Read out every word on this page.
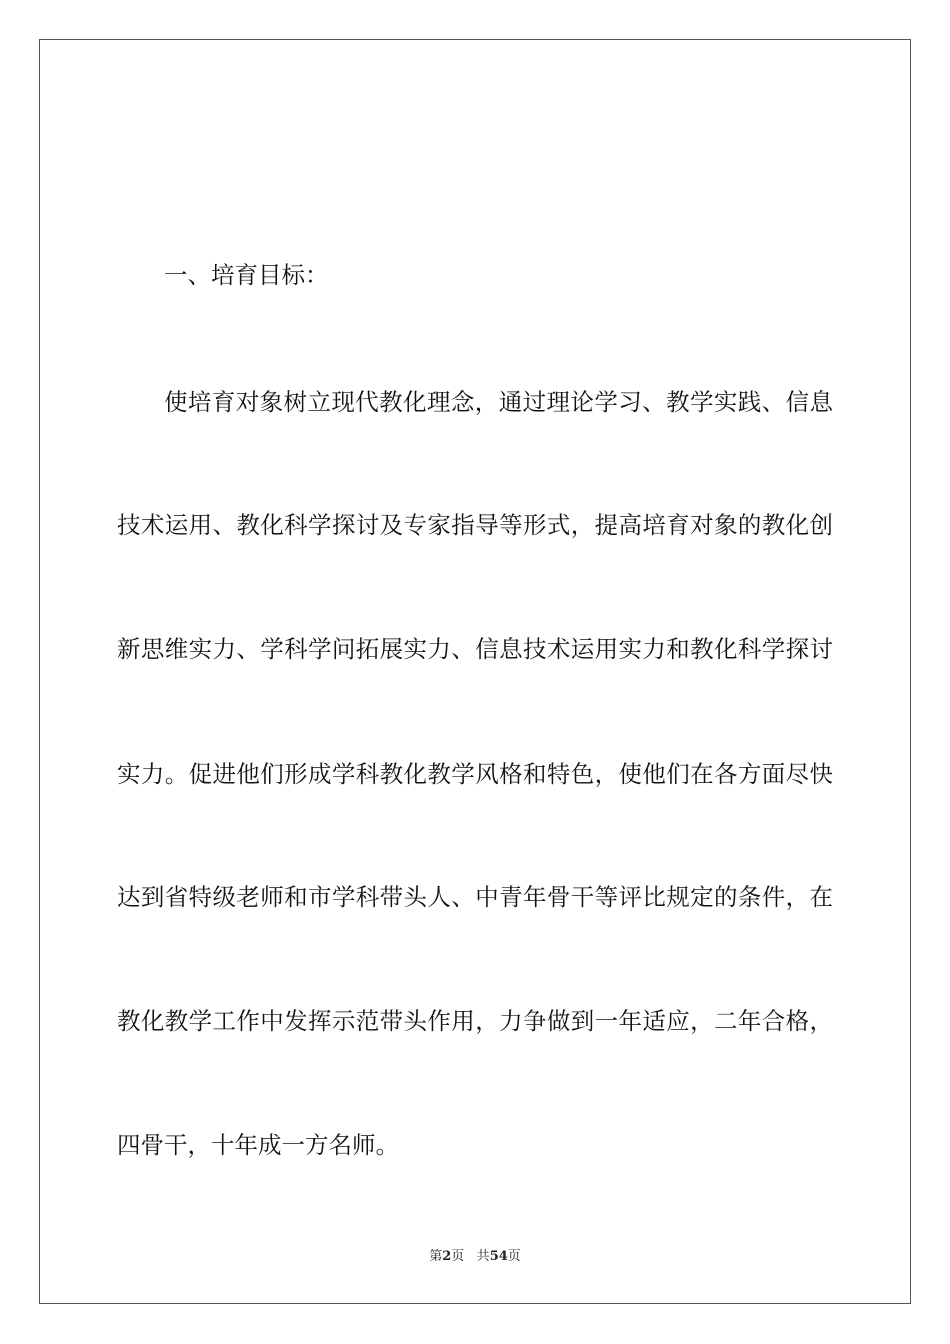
一、培育目标：
使培育对象树立现代教化理念，通过理论学习、教学实践、信息
技术运用、教化科学探讨及专家指导等形式，提高培育对象的教化创
新思维实力、学科学问拓展实力、信息技术运用实力和教化科学探讨
实力。促进他们形成学科教化教学风格和特色，使他们在各方面尽快
达到省特级老师和市学科带头人、中青年骨干等评比规定的条件，在
教化教学工作中发挥示范带头作用，力争做到一年适应，二年合格，
四骨干，十年成一方名师。
第2页 共54页
